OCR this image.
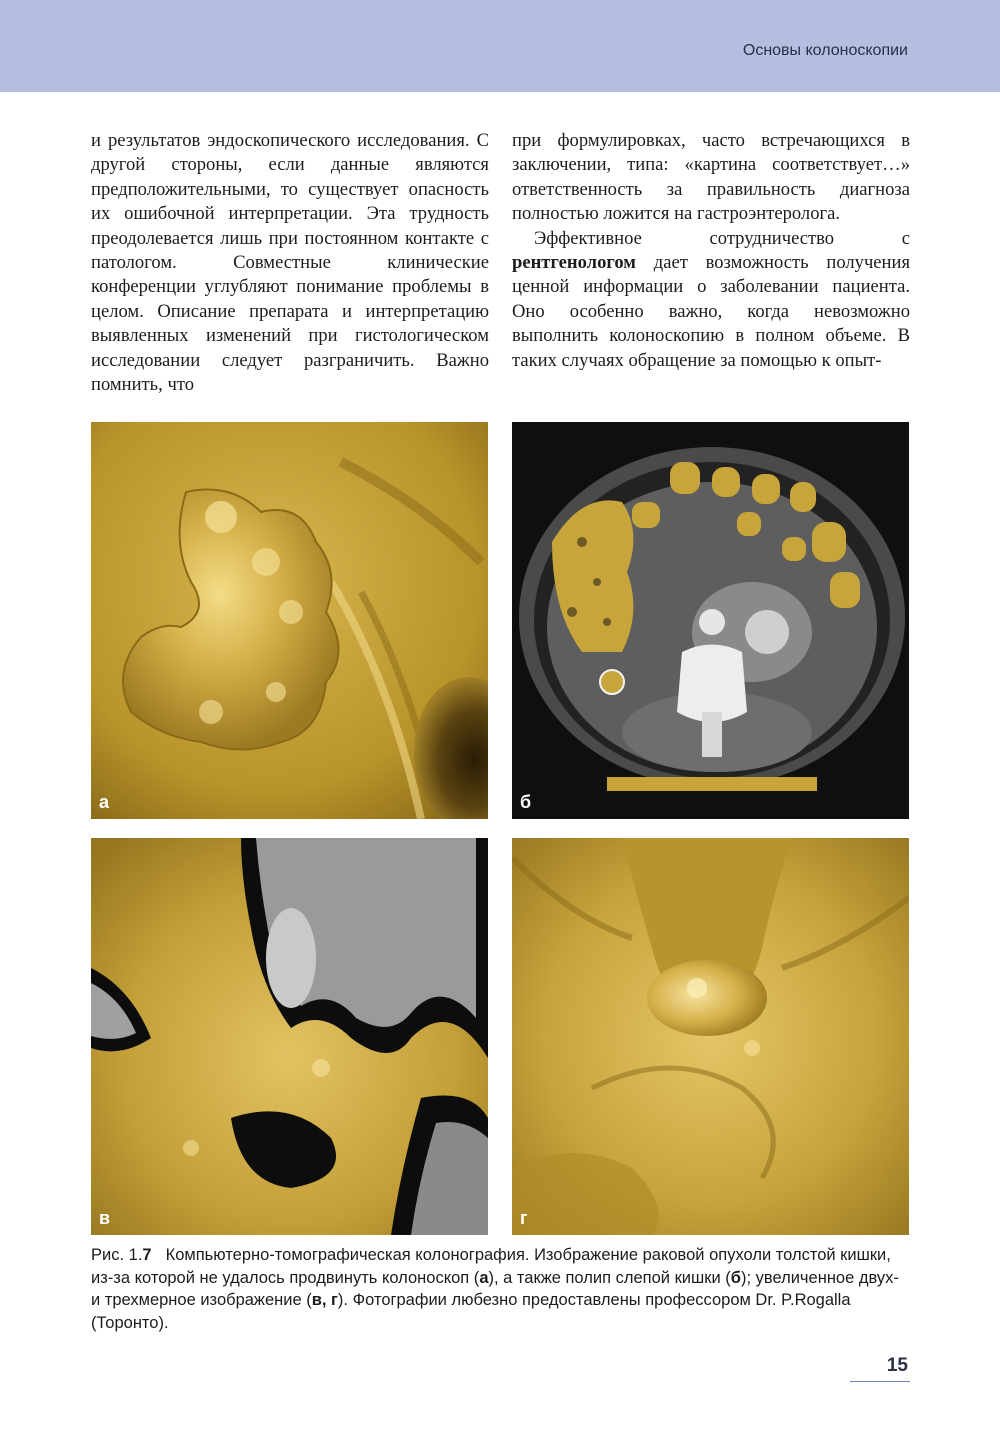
Основы колоноскопии

и результатов эндоскопического исследования. С другой стороны, если данные являются предположительными, то существует опасность их ошибочной интерпретации. Эта трудность преодолевается лишь при постоянном контакте с патологом. Совместные клинические конференции углубляют понимание проблемы в целом. Описание препарата и интерпретацию выявленных изменений при гистологическом исследовании следует разграничить. Важно помнить, что

при формулировках, часто встречающихся в заключении, типа: «картина соответствует…» ответственность за правильность диагноза полностью ложится на гастроэнтеролога.

Эффективное сотрудничество с рентгенологом дает возможность получения ценной информации о заболевании пациента. Оно особенно важно, когда невозможно выполнить колоноскопию в полном объеме. В таких случаях обращение за помощью к опыт-

а	б
в	г
Рис. 1.7 Компьютерно-томографическая колонография. Изображение раковой опухоли толстой кишки, из-за которой не удалось продвинуть колоноскоп (а), а также полип слепой кишки (б); увеличенное двух- и трехмерное изображение (в, г). Фотографии любезно предоставлены профессором Dr. P.Rogalla (Торонто).
15
